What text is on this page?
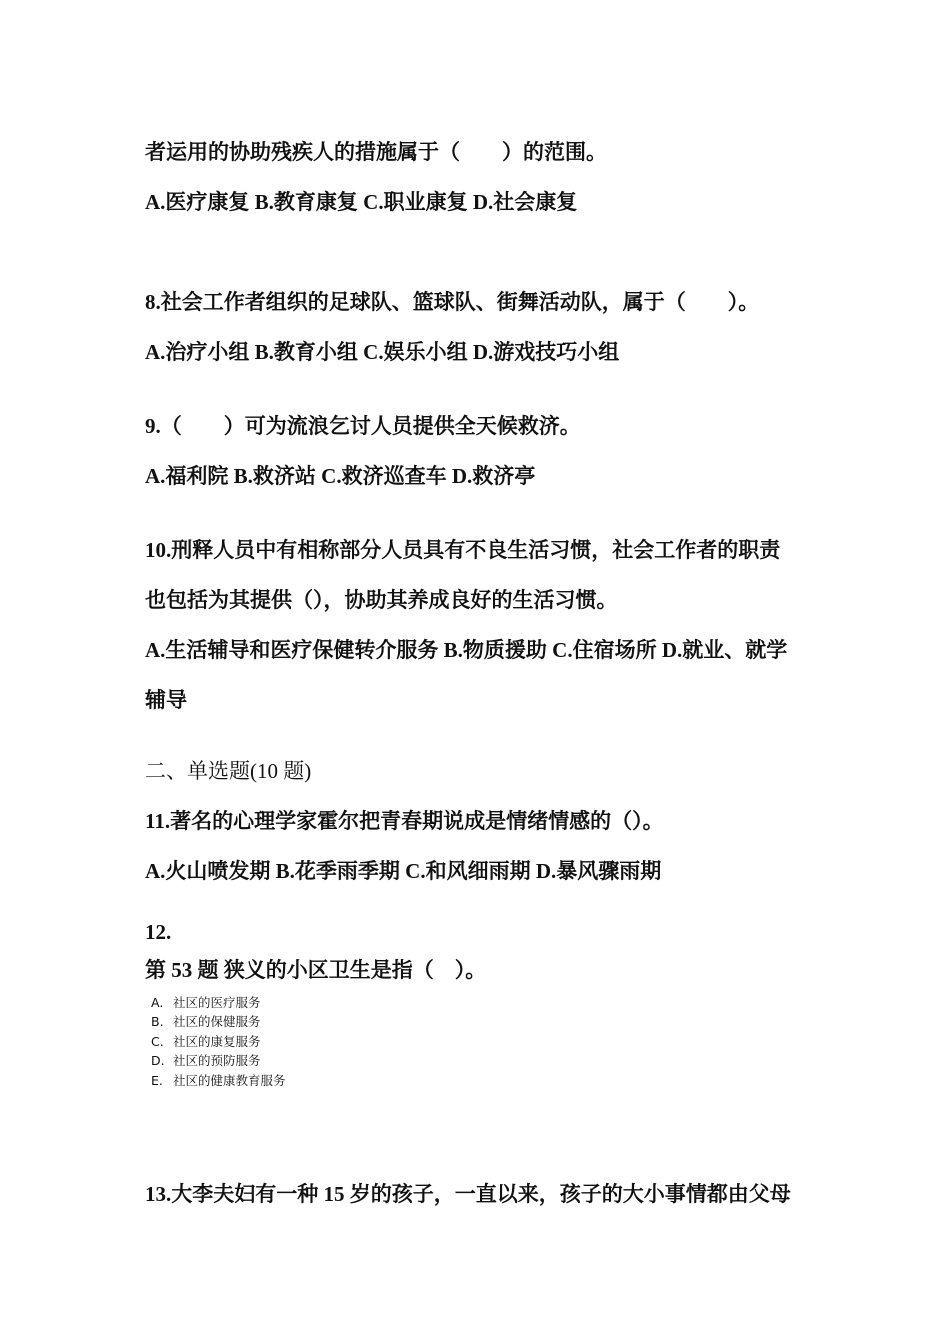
者运用的协助残疾人的措施属于（　　）的范围。
A.医疗康复 B.教育康复 C.职业康复 D.社会康复
8.社会工作者组织的足球队、篮球队、街舞活动队，属于（　　）。
A.治疗小组 B.教育小组 C.娱乐小组 D.游戏技巧小组
9.（　　）可为流浪乞讨人员提供全天候救济。
A.福利院 B.救济站 C.救济巡查车 D.救济亭
10.刑释人员中有相称部分人员具有不良生活习惯，社会工作者的职责
也包括为其提供（），协助其养成良好的生活习惯。
A.生活辅导和医疗保健转介服务 B.物质援助 C.住宿场所 D.就业、就学
辅导
二、单选题(10 题)
11.著名的心理学家霍尔把青春期说成是情绪情感的（）。
A.火山喷发期 B.花季雨季期 C.和风细雨期 D.暴风骤雨期
12.
第 53 题 狭义的小区卫生是指（　）。
A. 社区的医疗服务
B. 社区的保健服务
C. 社区的康复服务
D. 社区的预防服务
E. 社区的健康教育服务
13.大李夫妇有一种 15 岁的孩子，一直以来，孩子的大小事情都由父母
